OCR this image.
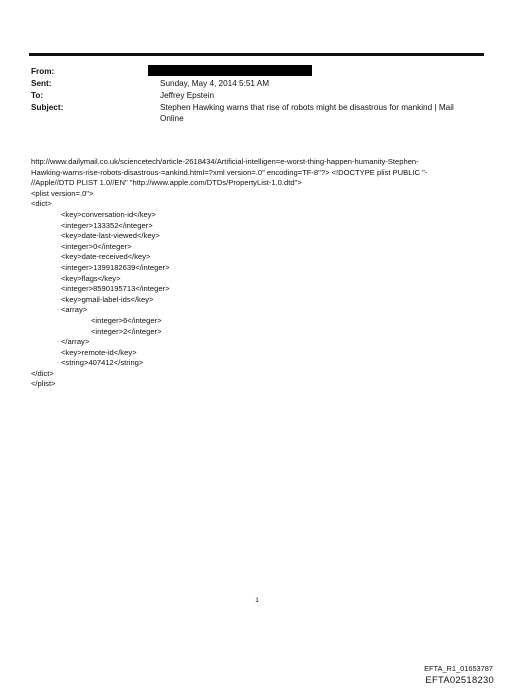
From:
Sent:	Sunday, May 4, 2014 5:51 AM
To:	Jeffrey Epstein
Subject:	Stephen Hawking warns that rise of robots might be disastrous for mankind | Mail Online
http://www.dailymail.co.uk/sciencetech/article-2618434/Artificial-intelligen=e-worst-thing-happen-humanity-Stephen-
Hawking-warns-rise-robots-disastrous-=ankind.html=?xml version=.0" encoding=TF-8"?> <!DOCTYPE plist PUBLIC "-
//Apple//DTD PLIST 1.0//EN" "http://www.apple.com/DTDs/PropertyList-1.0.dtd">
<plist version=.0">
<dict>
<key>conversation-id</key>
<integer>133352</integer>
<key>date-last-viewed</key>
<integer>0</integer>
<key>date-received</key>
<integer>1399182639</integer>
<key>flags</key>
<integer>8590195713</integer>
<key>gmail-label-ids</key>
<array>
<integer>6</integer>
<integer>2</integer>
</array>
<key>remote-id</key>
<string>407412</string>
</dict>
</plist>
1
EFTA_R1_01653787
EFTA02518230
